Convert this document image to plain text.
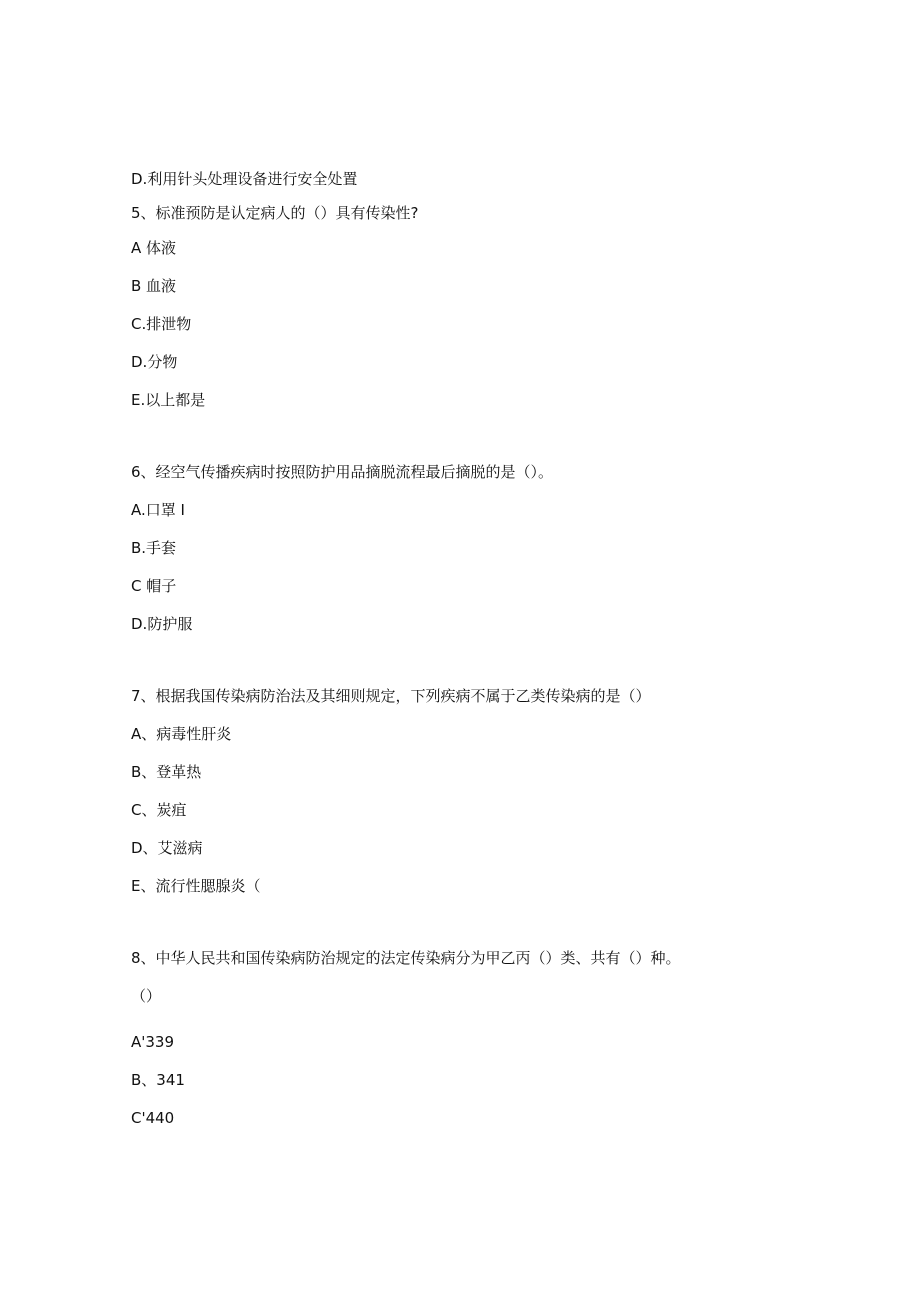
D.利用针头处理设备进行安全处置
5、标准预防是认定病人的（）具有传染性?
A 体液
B 血液
C.排泄物
D.分物
E.以上都是
6、经空气传播疾病时按照防护用品摘脱流程最后摘脱的是（）。
A.口罩 I
B.手套
C 帽子
D.防护服
7、根据我国传染病防治法及其细则规定，下列疾病不属于乙类传染病的是（）
A、病毒性肝炎
B、登革热
C、炭疽
D、艾滋病
E、流行性腮腺炎（
8、中华人民共和国传染病防治规定的法定传染病分为甲乙丙（）类、共有（）种。
（）
A'339
B、341
C'440
